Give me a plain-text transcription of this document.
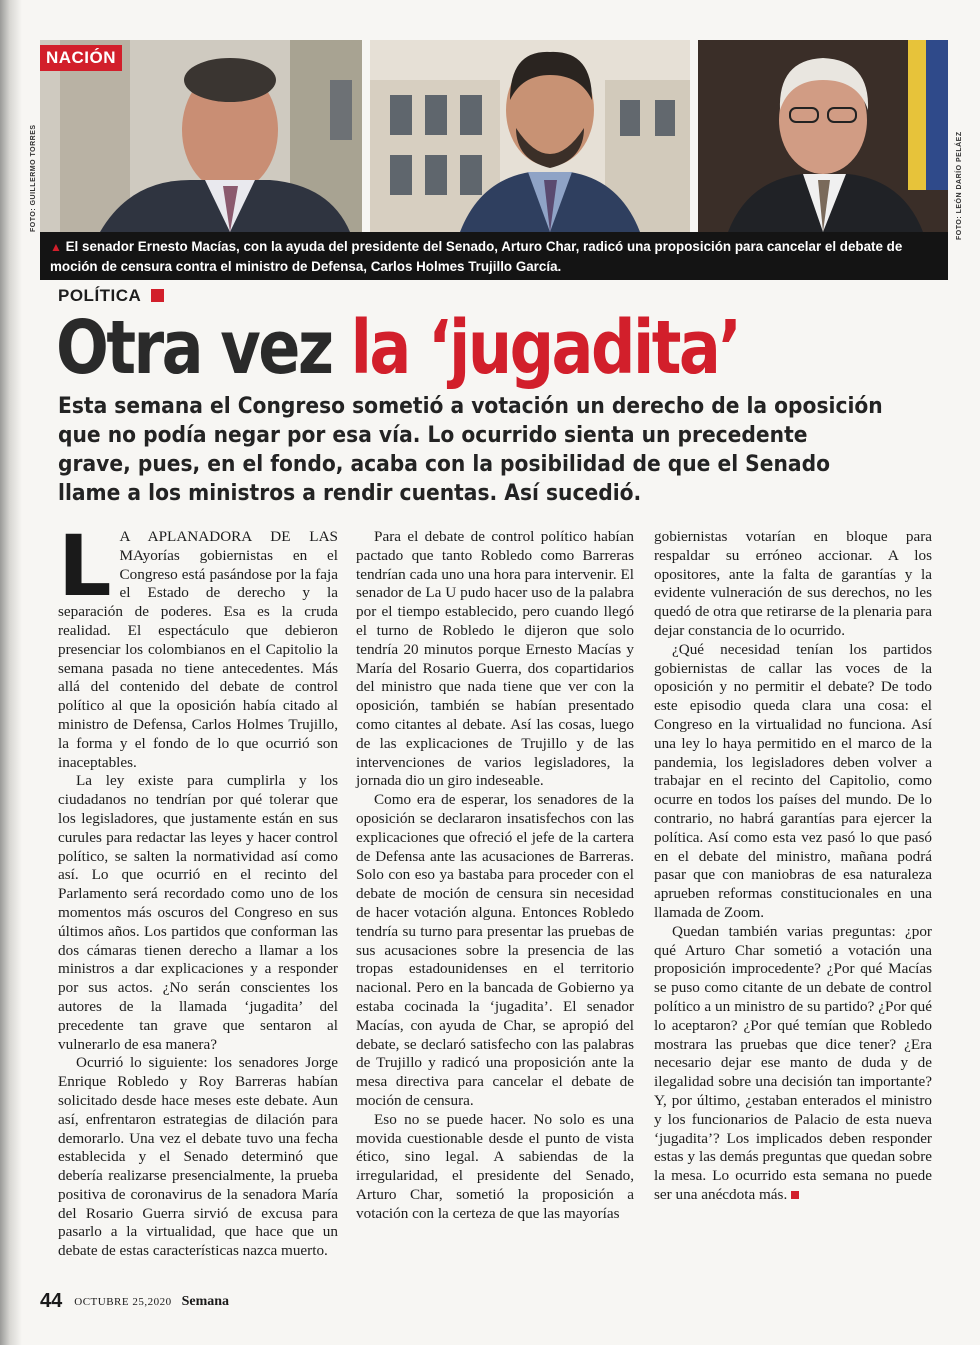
NACIÓN
FOTO: GUILLERMO TORRES	FOTO: LEÓN DARÍO PELÁEZ
▲ El senador Ernesto Macías, con la ayuda del presidente del Senado, Arturo Char, radicó una proposición para cancelar el debate de moción de censura contra el ministro de Defensa, Carlos Holmes Trujillo García.
POLÍTICA
Otra vez la ‘jugadita’
Esta semana el Congreso sometió a votación un derecho de la oposición que no podía negar por esa vía. Lo ocurrido sienta un precedente grave, pues, en el fondo, acaba con la posibilidad de que el Senado llame a los ministros a rendir cuentas. Así sucedió.

L A APLANADORA DE LAS MAyorías gobiernistas en el Congreso está pasándose por la faja el Estado de derecho y la separación de poderes. Esa es la cruda realidad. El espectáculo que debieron presenciar los colombianos en el Capitolio la semana pasada no tiene antecedentes. Más allá del contenido del debate de control político al que la oposición había citado al ministro de Defensa, Carlos Holmes Trujillo, la forma y el fondo de lo que ocurrió son inaceptables.

La ley existe para cumplirla y los ciudadanos no tendrían por qué tolerar que los legisladores, que justamente están en sus curules para redactar las leyes y hacer control político, se salten la normatividad así como así. Lo que ocurrió en el recinto del Parlamento será recordado como uno de los momentos más oscuros del Congreso en sus últimos años. Los partidos que conforman las dos cámaras tienen derecho a llamar a los ministros a dar explicaciones y a responder por sus actos. ¿No serán conscientes los autores de la llamada ‘jugadita’ del precedente tan grave que sentaron al vulnerarlo de esa manera?

Ocurrió lo siguiente: los senadores Jorge Enrique Robledo y Roy Barreras habían solicitado desde hace meses este debate. Aun así, enfrentaron estrategias de dilación para demorarlo. Una vez el debate tuvo una fecha establecida y el Senado determinó que debería realizarse presencialmente, la prueba positiva de coronavirus de la senadora María del Rosario Guerra sirvió de excusa para pasarlo a la virtualidad, que hace que un debate de estas características nazca muerto.

Para el debate de control político habían pactado que tanto Robledo como Barreras tendrían cada uno una hora para intervenir. El senador de La U pudo hacer uso de la palabra por el tiempo establecido, pero cuando llegó el turno de Robledo le dijeron que solo tendría 20 minutos porque Ernesto Macías y María del Rosario Guerra, dos copartidarios del ministro que nada tiene que ver con la oposición, también se habían presentado como citantes al debate. Así las cosas, luego de las explicaciones de Trujillo y de las intervenciones de varios legisladores, la jornada dio un giro indeseable.

Como era de esperar, los senadores de la oposición se declararon insatisfechos con las explicaciones que ofreció el jefe de la cartera de Defensa ante las acusaciones de Barreras. Solo con eso ya bastaba para proceder con el debate de moción de censura sin necesidad de hacer votación alguna. Entonces Robledo tendría su turno para presentar las pruebas de sus acusaciones sobre la presencia de las tropas estadounidenses en el territorio nacional. Pero en la bancada de Gobierno ya estaba cocinada la ‘jugadita’. El senador Macías, con ayuda de Char, se apropió del debate, se declaró satisfecho con las palabras de Trujillo y radicó una proposición ante la mesa directiva para cancelar el debate de moción de censura.

Eso no se puede hacer. No solo es una movida cuestionable desde el punto de vista ético, sino legal. A sabiendas de la irregularidad, el presidente del Senado, Arturo Char, sometió la proposición a votación con la certeza de que las mayorías

gobiernistas votarían en bloque para respaldar su erróneo accionar. A los opositores, ante la falta de garantías y la evidente vulneración de sus derechos, no les quedó de otra que retirarse de la plenaria para dejar constancia de lo ocurrido.

¿Qué necesidad tenían los partidos gobiernistas de callar las voces de la oposición y no permitir el debate? De todo este episodio queda clara una cosa: el Congreso en la virtualidad no funciona. Así una ley lo haya permitido en el marco de la pandemia, los legisladores deben volver a trabajar en el recinto del Capitolio, como ocurre en todos los países del mundo. De lo contrario, no habrá garantías para ejercer la política. Así como esta vez pasó lo que pasó en el debate del ministro, mañana podrá pasar que con maniobras de esa naturaleza aprueben reformas constitucionales en una llamada de Zoom.

Quedan también varias preguntas: ¿por qué Arturo Char sometió a votación una proposición improcedente? ¿Por qué Macías se puso como citante de un debate de control político a un ministro de su partido? ¿Por qué lo aceptaron? ¿Por qué temían que Robledo mostrara las pruebas que dice tener? ¿Era necesario dejar ese manto de duda y de ilegalidad sobre una decisión tan importante? Y, por último, ¿estaban enterados el ministro y los funcionarios de Palacio de esta nueva ‘jugadita’? Los implicados deben responder estas y las demás preguntas que quedan sobre la mesa. Lo ocurrido esta semana no puede ser una anécdota más.

44 OCTUBRE 25,2020 Semana
